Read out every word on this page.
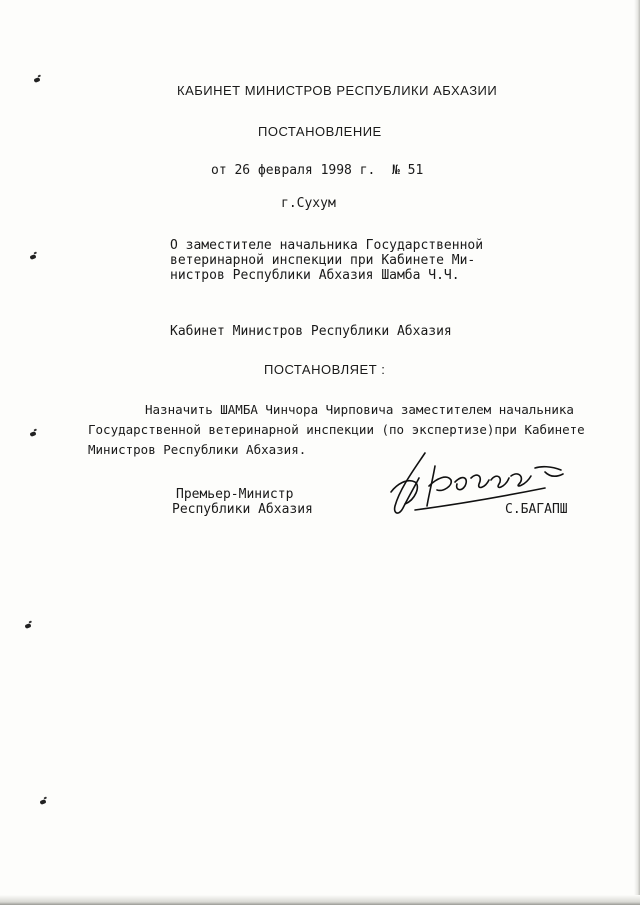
КАБИНЕТ МИНИСТРОВ РЕСПУБЛИКИ АБХАЗИИ
ПОСТАНОВЛЕНИЕ
от 26 февраля 1998 г. № 51
г.Сухум
О заместителе начальника Государственной
ветеринарной инспекции при Кабинете Ми-
нистров Республики Абхазия Шамба Ч.Ч.
Кабинет Министров Республики Абхазия
ПОСТАНОВЛЯЕТ :
Назначить ШАМБА Чинчора Чирповича заместителем начальника
Государственной ветеринарной инспекции (по экспертизе)при Кабинете
Министров Республики Абхазия.
Премьер-Министр
Республики Абхазия	С.БАГАПШ
